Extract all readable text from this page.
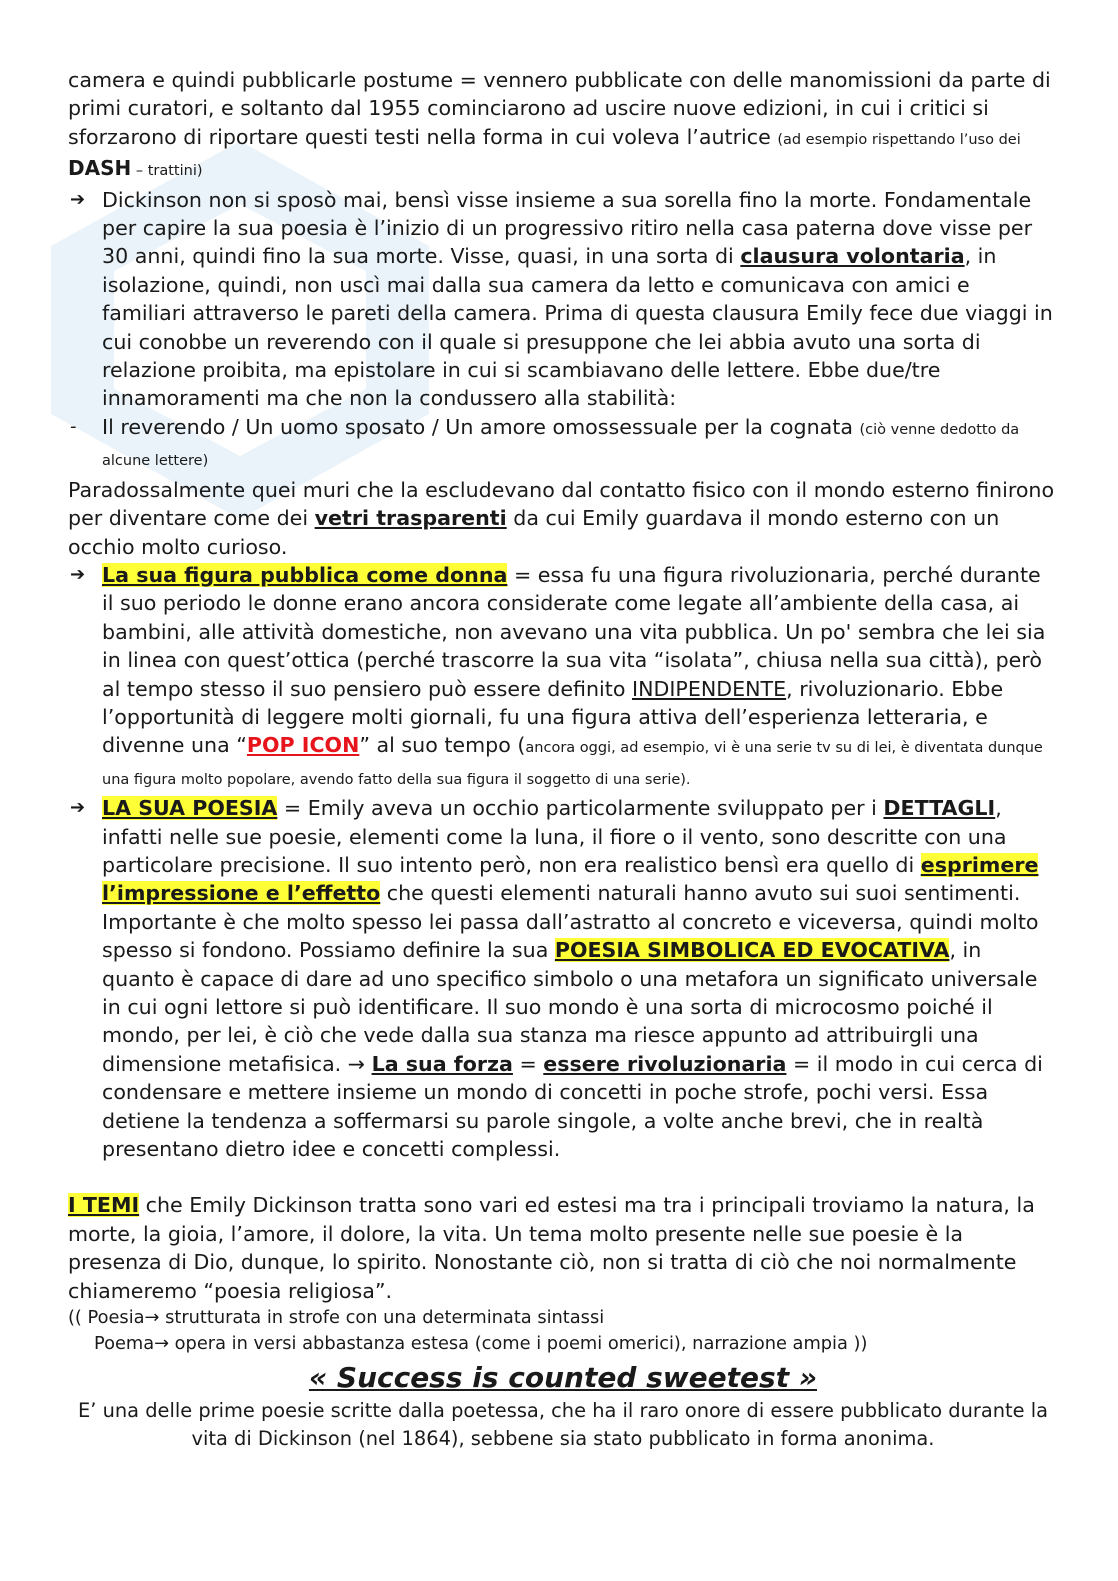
camera e quindi pubblicarle postume = vennero pubblicate con delle manomissioni da parte di primi curatori, e soltanto dal 1955 cominciarono ad uscire nuove edizioni, in cui i critici si sforzarono di riportare questi testi nella forma in cui voleva l’autrice (ad esempio rispettando l’uso dei DASH – trattini)

➔ Dickinson non si sposò mai, bensì visse insieme a sua sorella fino la morte. Fondamentale per capire la sua poesia è l’inizio di un progressivo ritiro nella casa paterna dove visse per 30 anni, quindi fino la sua morte. Visse, quasi, in una sorta di clausura volontaria, in isolazione, quindi, non uscì mai dalla sua camera da letto e comunicava con amici e familiari attraverso le pareti della camera. Prima di questa clausura Emily fece due viaggi in cui conobbe un reverendo con il quale si presuppone che lei abbia avuto una sorta di relazione proibita, ma epistolare in cui si scambiavano delle lettere. Ebbe due/tre innamoramenti ma che non la condussero alla stabilità:
- Il reverendo / Un uomo sposato / Un amore omossessuale per la cognata (ciò venne dedotto da alcune lettere)

Paradossalmente quei muri che la escludevano dal contatto fisico con il mondo esterno finirono per diventare come dei vetri trasparenti da cui Emily guardava il mondo esterno con un occhio molto curioso.

➔ La sua figura pubblica come donna = essa fu una figura rivoluzionaria, perché durante il suo periodo le donne erano ancora considerate come legate all’ambiente della casa, ai bambini, alle attività domestiche, non avevano una vita pubblica. Un po' sembra che lei sia in linea con quest’ottica (perché trascorre la sua vita “isolata”, chiusa nella sua città), però al tempo stesso il suo pensiero può essere definito INDIPENDENTE, rivoluzionario. Ebbe l’opportunità di leggere molti giornali, fu una figura attiva dell’esperienza letteraria, e divenne una “POP ICON” al suo tempo (ancora oggi, ad esempio, vi è una serie tv su di lei, è diventata dunque una figura molto popolare, avendo fatto della sua figura il soggetto di una serie).
➔ LA SUA POESIA = Emily aveva un occhio particolarmente sviluppato per i DETTAGLI, infatti nelle sue poesie, elementi come la luna, il fiore o il vento, sono descritte con una particolare precisione. Il suo intento però, non era realistico bensì era quello di esprimere l’impressione e l’effetto che questi elementi naturali hanno avuto sui suoi sentimenti. Importante è che molto spesso lei passa dall’astratto al concreto e viceversa, quindi molto spesso si fondono. Possiamo definire la sua POESIA SIMBOLICA ED EVOCATIVA, in quanto è capace di dare ad uno specifico simbolo o una metafora un significato universale in cui ogni lettore si può identificare. Il suo mondo è una sorta di microcosmo poiché il mondo, per lei, è ciò che vede dalla sua stanza ma riesce appunto ad attribuirgli una dimensione metafisica. → La sua forza = essere rivoluzionaria = il modo in cui cerca di condensare e mettere insieme un mondo di concetti in poche strofe, pochi versi. Essa detiene la tendenza a soffermarsi su parole singole, a volte anche brevi, che in realtà presentano dietro idee e concetti complessi.

I TEMI che Emily Dickinson tratta sono vari ed estesi ma tra i principali troviamo la natura, la morte, la gioia, l’amore, il dolore, la vita. Un tema molto presente nelle sue poesie è la presenza di Dio, dunque, lo spirito. Nonostante ciò, non si tratta di ciò che noi normalmente chiameremo “poesia religiosa”.

(( Poesia→ strutturata in strofe con una determinata sintassi

Poema→ opera in versi abbastanza estesa (come i poemi omerici), narrazione ampia ))

« Success is counted sweetest »

E’ una delle prime poesie scritte dalla poetessa, che ha il raro onore di essere pubblicato durante la vita di Dickinson (nel 1864), sebbene sia stato pubblicato in forma anonima.
